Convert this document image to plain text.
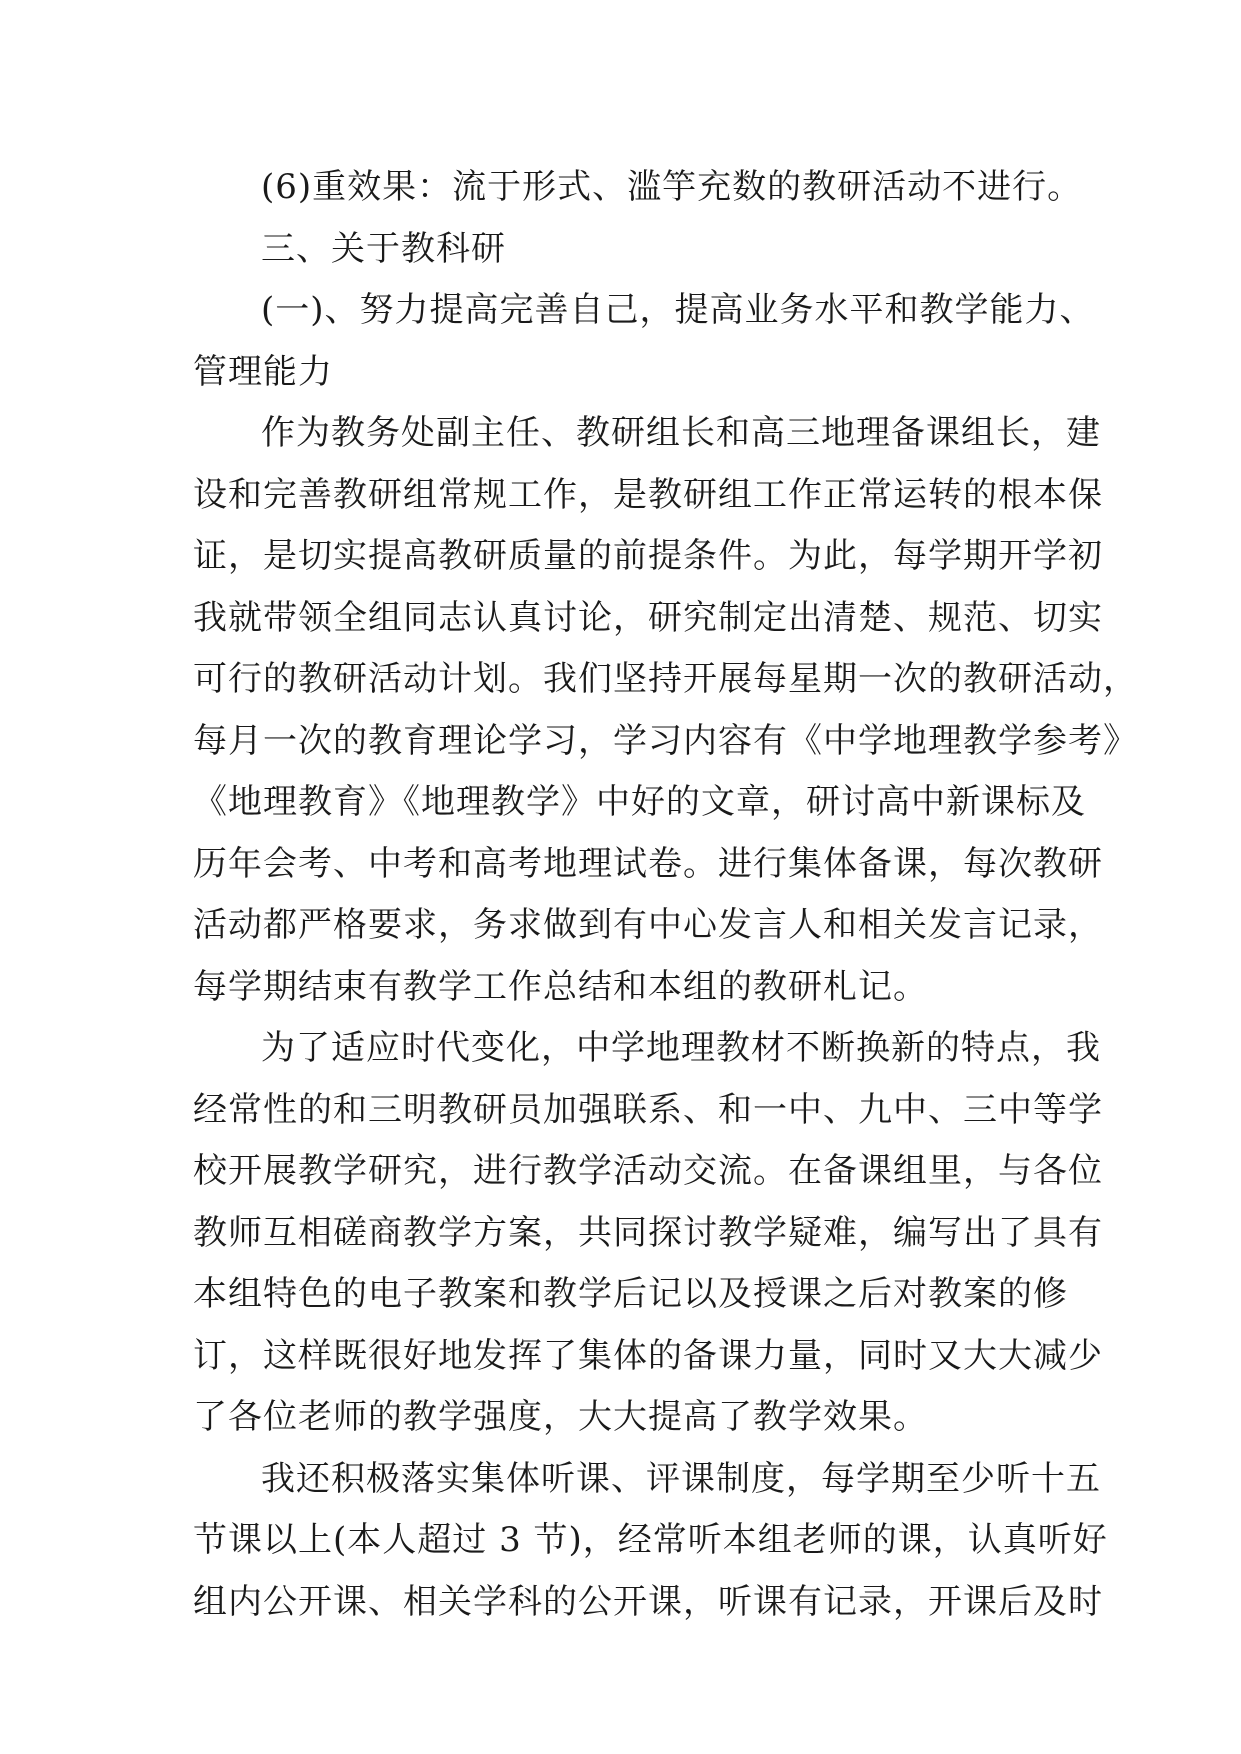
(6)重效果：流于形式、滥竽充数的教研活动不进行。
三、关于教科研
(一)、努力提高完善自己，提高业务水平和教学能力、
管理能力
作为教务处副主任、教研组长和高三地理备课组长，建
设和完善教研组常规工作，是教研组工作正常运转的根本保
证，是切实提高教研质量的前提条件。为此，每学期开学初
我就带领全组同志认真讨论，研究制定出清楚、规范、切实
可行的教研活动计划。我们坚持开展每星期一次的教研活动，
每月一次的教育理论学习，学习内容有《中学地理教学参考》
《地理教育》《地理教学》中好的文章，研讨高中新课标及
历年会考、中考和高考地理试卷。进行集体备课，每次教研
活动都严格要求，务求做到有中心发言人和相关发言记录，
每学期结束有教学工作总结和本组的教研札记。
为了适应时代变化，中学地理教材不断换新的特点，我
经常性的和三明教研员加强联系、和一中、九中、三中等学
校开展教学研究，进行教学活动交流。在备课组里，与各位
教师互相磋商教学方案，共同探讨教学疑难，编写出了具有
本组特色的电子教案和教学后记以及授课之后对教案的修
订，这样既很好地发挥了集体的备课力量，同时又大大减少
了各位老师的教学强度，大大提高了教学效果。
我还积极落实集体听课、评课制度，每学期至少听十五
节课以上(本人超过 3 节)，经常听本组老师的课，认真听好
组内公开课、相关学科的公开课，听课有记录，开课后及时
